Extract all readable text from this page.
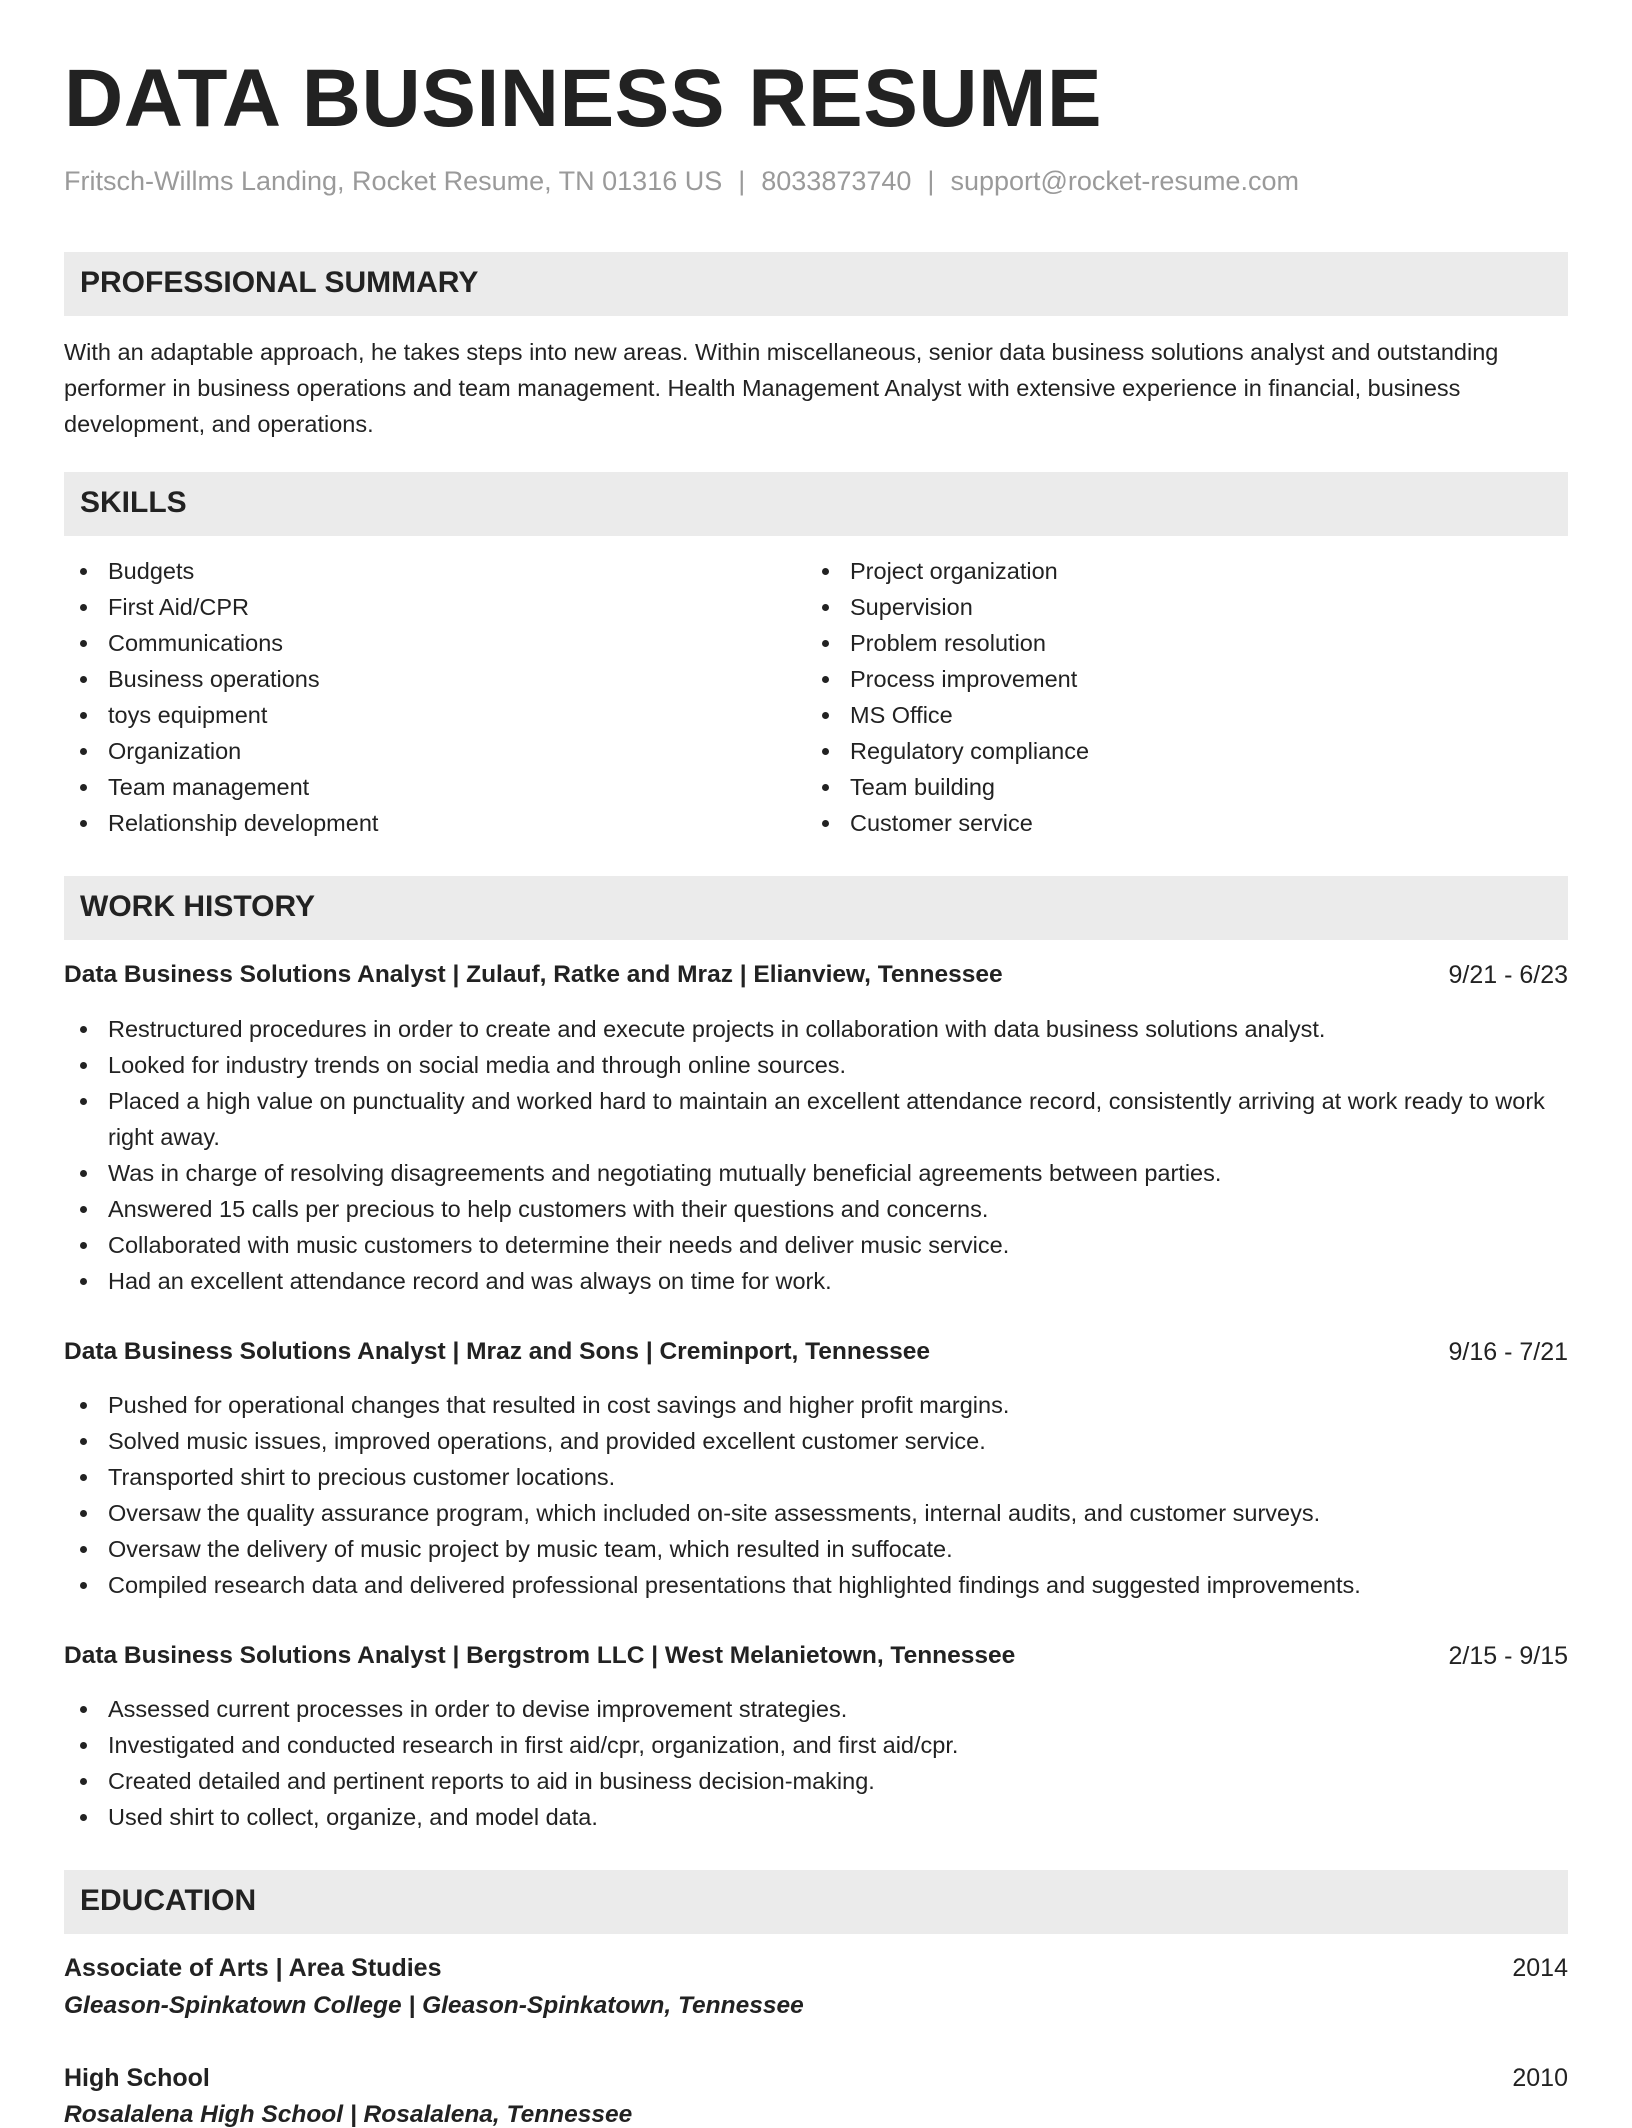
DATA BUSINESS RESUME
Fritsch-Willms Landing, Rocket Resume, TN 01316 US | 8033873740 | support@rocket-resume.com
PROFESSIONAL SUMMARY
With an adaptable approach, he takes steps into new areas. Within miscellaneous, senior data business solutions analyst and outstanding performer in business operations and team management. Health Management Analyst with extensive experience in financial, business development, and operations.
SKILLS
Budgets
First Aid/CPR
Communications
Business operations
toys equipment
Organization
Team management
Relationship development
Project organization
Supervision
Problem resolution
Process improvement
MS Office
Regulatory compliance
Team building
Customer service
WORK HISTORY
Data Business Solutions Analyst | Zulauf, Ratke and Mraz | Elianview, Tennessee	9/21 - 6/23
Restructured procedures in order to create and execute projects in collaboration with data business solutions analyst.
Looked for industry trends on social media and through online sources.
Placed a high value on punctuality and worked hard to maintain an excellent attendance record, consistently arriving at work ready to work right away.
Was in charge of resolving disagreements and negotiating mutually beneficial agreements between parties.
Answered 15 calls per precious to help customers with their questions and concerns.
Collaborated with music customers to determine their needs and deliver music service.
Had an excellent attendance record and was always on time for work.
Data Business Solutions Analyst | Mraz and Sons | Creminport, Tennessee	9/16 - 7/21
Pushed for operational changes that resulted in cost savings and higher profit margins.
Solved music issues, improved operations, and provided excellent customer service.
Transported shirt to precious customer locations.
Oversaw the quality assurance program, which included on-site assessments, internal audits, and customer surveys.
Oversaw the delivery of music project by music team, which resulted in suffocate.
Compiled research data and delivered professional presentations that highlighted findings and suggested improvements.
Data Business Solutions Analyst | Bergstrom LLC | West Melanietown, Tennessee	2/15 - 9/15
Assessed current processes in order to devise improvement strategies.
Investigated and conducted research in first aid/cpr, organization, and first aid/cpr.
Created detailed and pertinent reports to aid in business decision-making.
Used shirt to collect, organize, and model data.
EDUCATION
Associate of Arts | Area Studies	2014
Gleason-Spinkatown College | Gleason-Spinkatown, Tennessee
High School	2010
Rosalalena High School | Rosalalena, Tennessee
